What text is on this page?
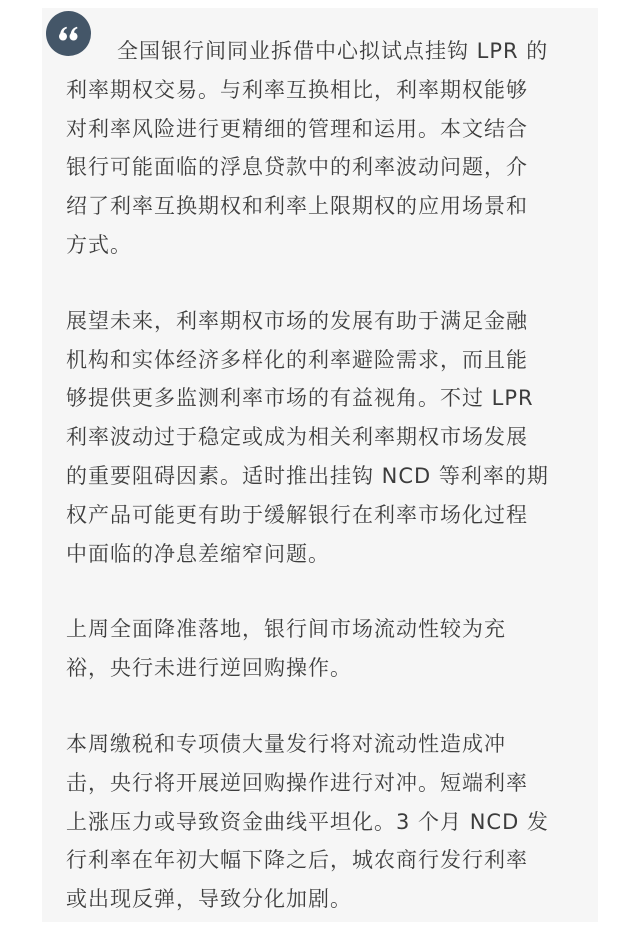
全国银行间同业拆借中心拟试点挂钩 LPR 的
利率期权交易。与利率互换相比，利率期权能够
对利率风险进行更精细的管理和运用。本文结合
银行可能面临的浮息贷款中的利率波动问题，介
绍了利率互换期权和利率上限期权的应用场景和
方式。

展望未来，利率期权市场的发展有助于满足金融
机构和实体经济多样化的利率避险需求，而且能
够提供更多监测利率市场的有益视角。不过 LPR
利率波动过于稳定或成为相关利率期权市场发展
的重要阻碍因素。适时推出挂钩 NCD 等利率的期
权产品可能更有助于缓解银行在利率市场化过程
中面临的净息差缩窄问题。

上周全面降准落地，银行间市场流动性较为充
裕，央行未进行逆回购操作。

本周缴税和专项债大量发行将对流动性造成冲
击，央行将开展逆回购操作进行对冲。短端利率
上涨压力或导致资金曲线平坦化。3 个月 NCD 发
行利率在年初大幅下降之后，城农商行发行利率
或出现反弹，导致分化加剧。
